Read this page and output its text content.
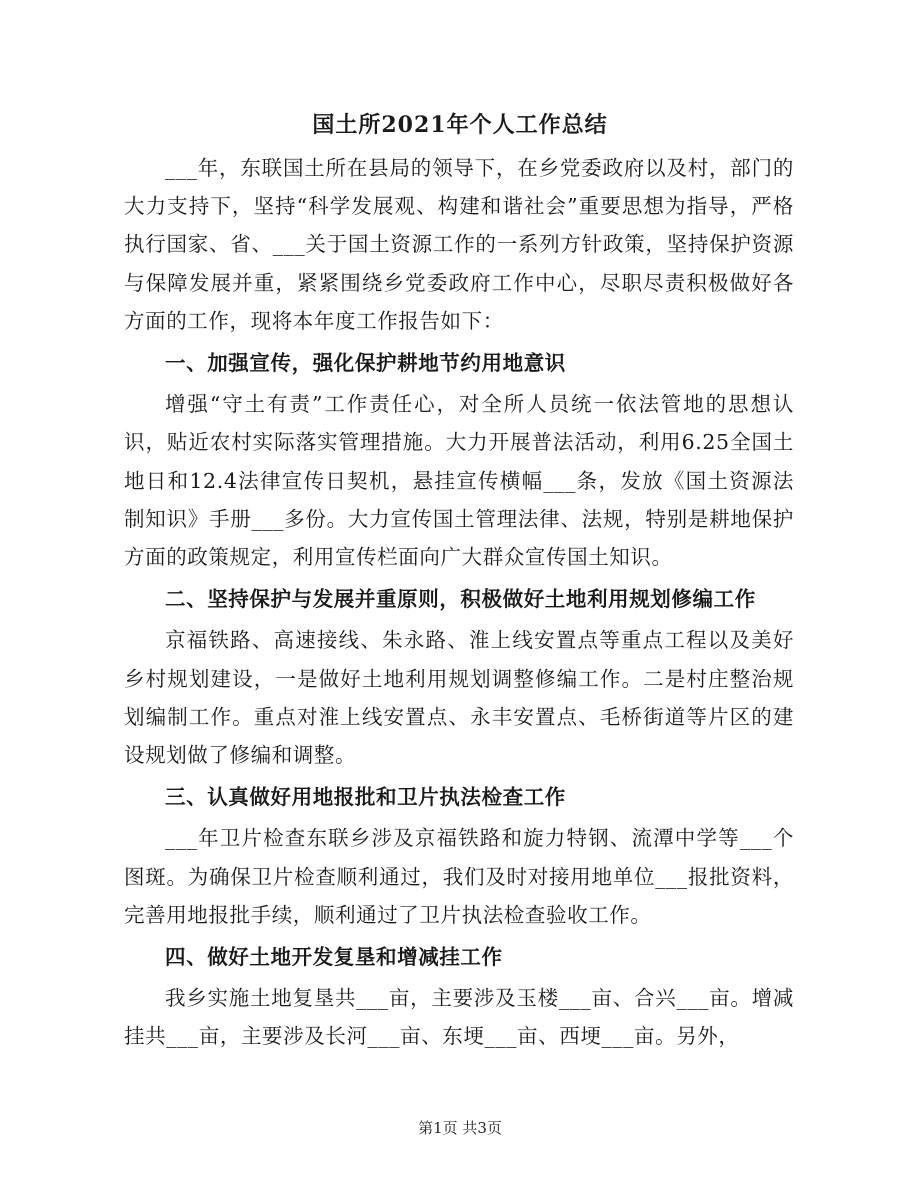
国土所2021年个人工作总结

___年，东联国土所在县局的领导下，在乡党委政府以及村，部门的大力支持下，坚持“科学发展观、构建和谐社会”重要思想为指导，严格执行国家、省、___关于国土资源工作的一系列方针政策，坚持保护资源与保障发展并重，紧紧围绕乡党委政府工作中心，尽职尽责积极做好各方面的工作，现将本年度工作报告如下：

一、加强宣传，强化保护耕地节约用地意识

增强“守土有责”工作责任心，对全所人员统一依法管地的思想认识，贴近农村实际落实管理措施。大力开展普法活动，利用6.25全国土地日和12.4法律宣传日契机，悬挂宣传横幅___条，发放《国土资源法制知识》手册___多份。大力宣传国土管理法律、法规，特别是耕地保护方面的政策规定，利用宣传栏面向广大群众宣传国土知识。

二、坚持保护与发展并重原则，积极做好土地利用规划修编工作

京福铁路、高速接线、朱永路、淮上线安置点等重点工程以及美好乡村规划建设，一是做好土地利用规划调整修编工作。二是村庄整治规划编制工作。重点对淮上线安置点、永丰安置点、毛桥街道等片区的建设规划做了修编和调整。

三、认真做好用地报批和卫片执法检查工作

___年卫片检查东联乡涉及京福铁路和旋力特钢、流潭中学等___个图斑。为确保卫片检查顺利通过，我们及时对接用地单位___报批资料，完善用地报批手续，顺利通过了卫片执法检查验收工作。

四、做好土地开发复垦和增减挂工作

我乡实施土地复垦共___亩，主要涉及玉楼___亩、合兴___亩。增减挂共___亩，主要涉及长河___亩、东埂___亩、西埂___亩。另外，

第1页 共3页
